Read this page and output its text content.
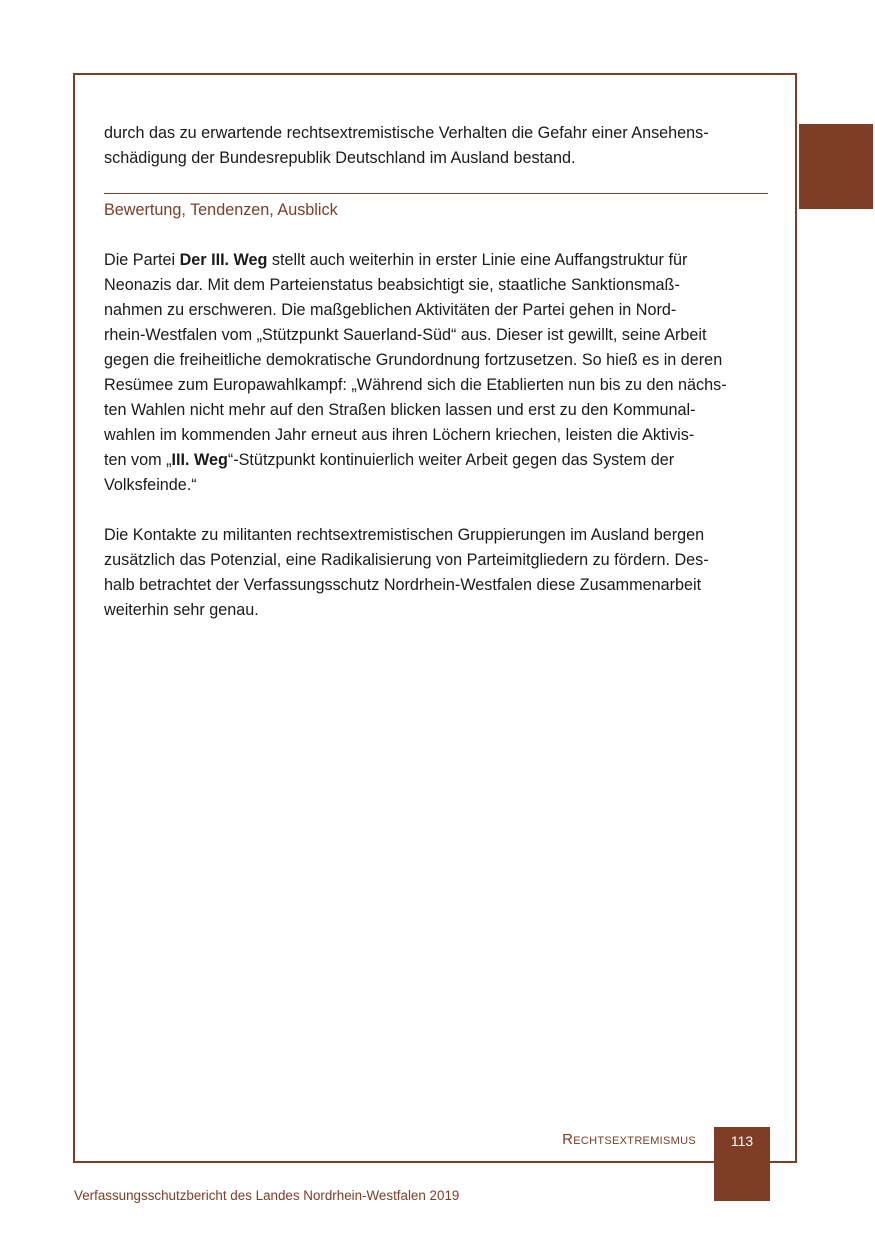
durch das zu erwartende rechtsextremistische Verhalten die Gefahr einer Ansehens-
schädigung der Bundesrepublik Deutschland im Ausland bestand.

Bewertung, Tendenzen, Ausblick

Die Partei Der III. Weg stellt auch weiterhin in erster Linie eine Auffangstruktur für
Neonazis dar. Mit dem Parteienstatus beabsichtigt sie, staatliche Sanktionsmaß-
nahmen zu erschweren. Die maßgeblichen Aktivitäten der Partei gehen in Nord-
rhein-Westfalen vom „Stützpunkt Sauerland-Süd“ aus. Dieser ist gewillt, seine Arbeit
gegen die freiheitliche demokratische Grundordnung fortzusetzen. So hieß es in deren
Resümee zum Europawahlkampf: „Während sich die Etablierten nun bis zu den nächs-
ten Wahlen nicht mehr auf den Straßen blicken lassen und erst zu den Kommunal-
wahlen im kommenden Jahr erneut aus ihren Löchern kriechen, leisten die Aktivis-
ten vom „III. Weg“-Stützpunkt kontinuierlich weiter Arbeit gegen das System der
Volksfeinde.“

Die Kontakte zu militanten rechtsextremistischen Gruppierungen im Ausland bergen
zusätzlich das Potenzial, eine Radikalisierung von Parteimitgliedern zu fördern. Des-
halb betrachtet der Verfassungsschutz Nordrhein-Westfalen diese Zusammenarbeit
weiterhin sehr genau.

Rechtsextremismus	113
Verfassungsschutzbericht des Landes Nordrhein-Westfalen 2019
